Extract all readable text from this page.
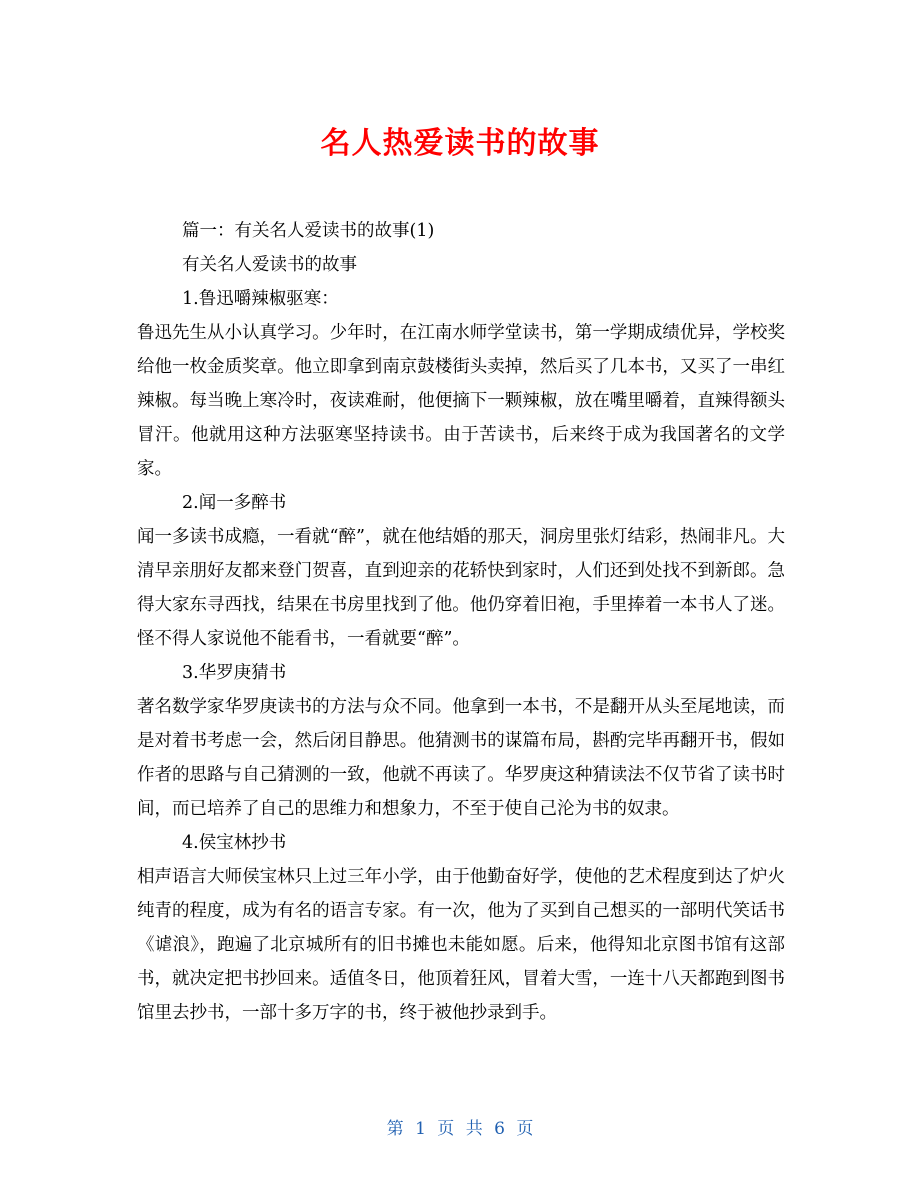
名人热爱读书的故事
篇一：有关名人爱读书的故事(1)
有关名人爱读书的故事
1.鲁迅嚼辣椒驱寒：
鲁迅先生从小认真学习。少年时，在江南水师学堂读书，第一学期成绩优异，学校奖给他一枚金质奖章。他立即拿到南京鼓楼街头卖掉，然后买了几本书，又买了一串红辣椒。每当晚上寒冷时，夜读难耐，他便摘下一颗辣椒，放在嘴里嚼着，直辣得额头冒汗。他就用这种方法驱寒坚持读书。由于苦读书，后来终于成为我国著名的文学家。
2.闻一多醉书
闻一多读书成瘾，一看就“醉”，就在他结婚的那天，洞房里张灯结彩，热闹非凡。大清早亲朋好友都来登门贺喜，直到迎亲的花轿快到家时，人们还到处找不到新郎。急得大家东寻西找，结果在书房里找到了他。他仍穿着旧袍，手里捧着一本书人了迷。怪不得人家说他不能看书，一看就要“醉”。
3.华罗庚猜书
著名数学家华罗庚读书的方法与众不同。他拿到一本书，不是翻开从头至尾地读，而是对着书考虑一会，然后闭目静思。他猜测书的谋篇布局，斟酌完毕再翻开书，假如作者的思路与自己猜测的一致，他就不再读了。华罗庚这种猜读法不仅节省了读书时间，而已培养了自己的思维力和想象力，不至于使自己沦为书的奴隶。
4.侯宝林抄书
相声语言大师侯宝林只上过三年小学，由于他勤奋好学，使他的艺术程度到达了炉火纯青的程度，成为有名的语言专家。有一次，他为了买到自己想买的一部明代笑话书《谑浪》，跑遍了北京城所有的旧书摊也未能如愿。后来，他得知北京图书馆有这部书，就决定把书抄回来。适值冬日，他顶着狂风，冒着大雪，一连十八天都跑到图书馆里去抄书，一部十多万字的书，终于被他抄录到手。
第 1 页 共 6 页
